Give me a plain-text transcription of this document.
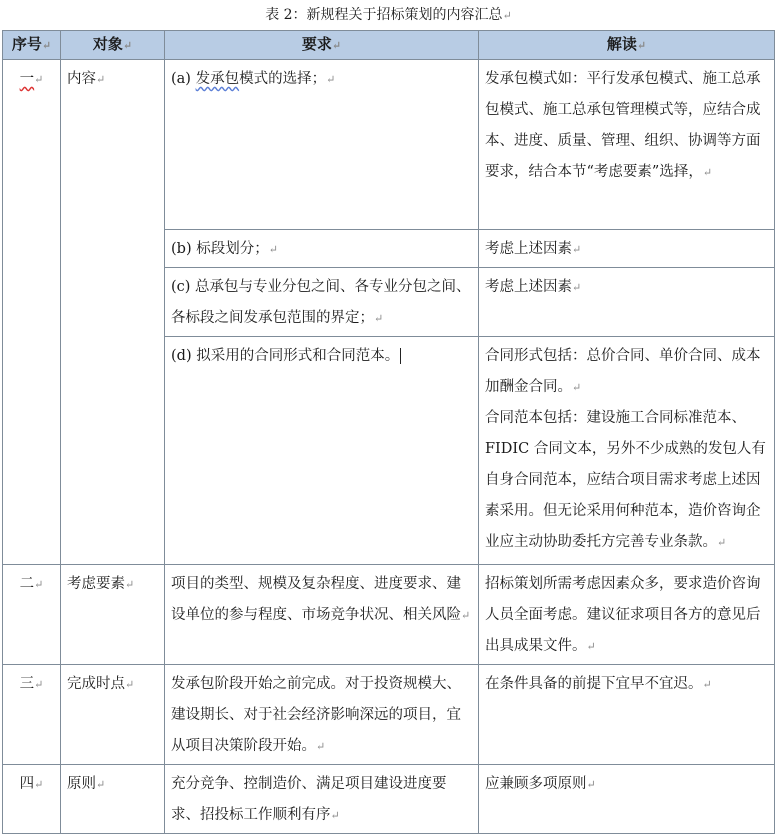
表 2：新规程关于招标策划的内容汇总↵
序号↵	对象↵	要求↵	解读↵
一↵	内容↵	(a) 发承包模式的选择；↵	发承包模式如：平行发承包模式、施工总承包模式、施工总承包管理模式等，应结合成本、进度、质量、管理、组织、协调等方面要求，结合本节“考虑要素”选择，↵
		(b) 标段划分；↵	考虑上述因素↵
		(c) 总承包与专业分包之间、各专业分包之间、各标段之间发承包范围的界定；↵	考虑上述因素↵
		(d) 拟采用的合同形式和合同范本。	合同形式包括：总价合同、单价合同、成本加酬金合同。↵
合同范本包括：建设施工合同标准范本、FIDIC 合同文本，另外不少成熟的发包人有自身合同范本，应结合项目需求考虑上述因素采用。但无论采用何种范本，造价咨询企业应主动协助委托方完善专业条款。↵

二↵	考虑要素↵	项目的类型、规模及复杂程度、进度要求、建设单位的参与程度、市场竞争状况、相关风险↵	招标策划所需考虑因素众多，要求造价咨询人员全面考虑。建议征求项目各方的意见后出具成果文件。↵
三↵	完成时点↵	发承包阶段开始之前完成。对于投资规模大、建设期长、对于社会经济影响深远的项目，宜从项目决策阶段开始。↵	在条件具备的前提下宜早不宜迟。↵
四↵	原则↵	充分竞争、控制造价、满足项目建设进度要求、招投标工作顺利有序↵	应兼顾多项原则↵
